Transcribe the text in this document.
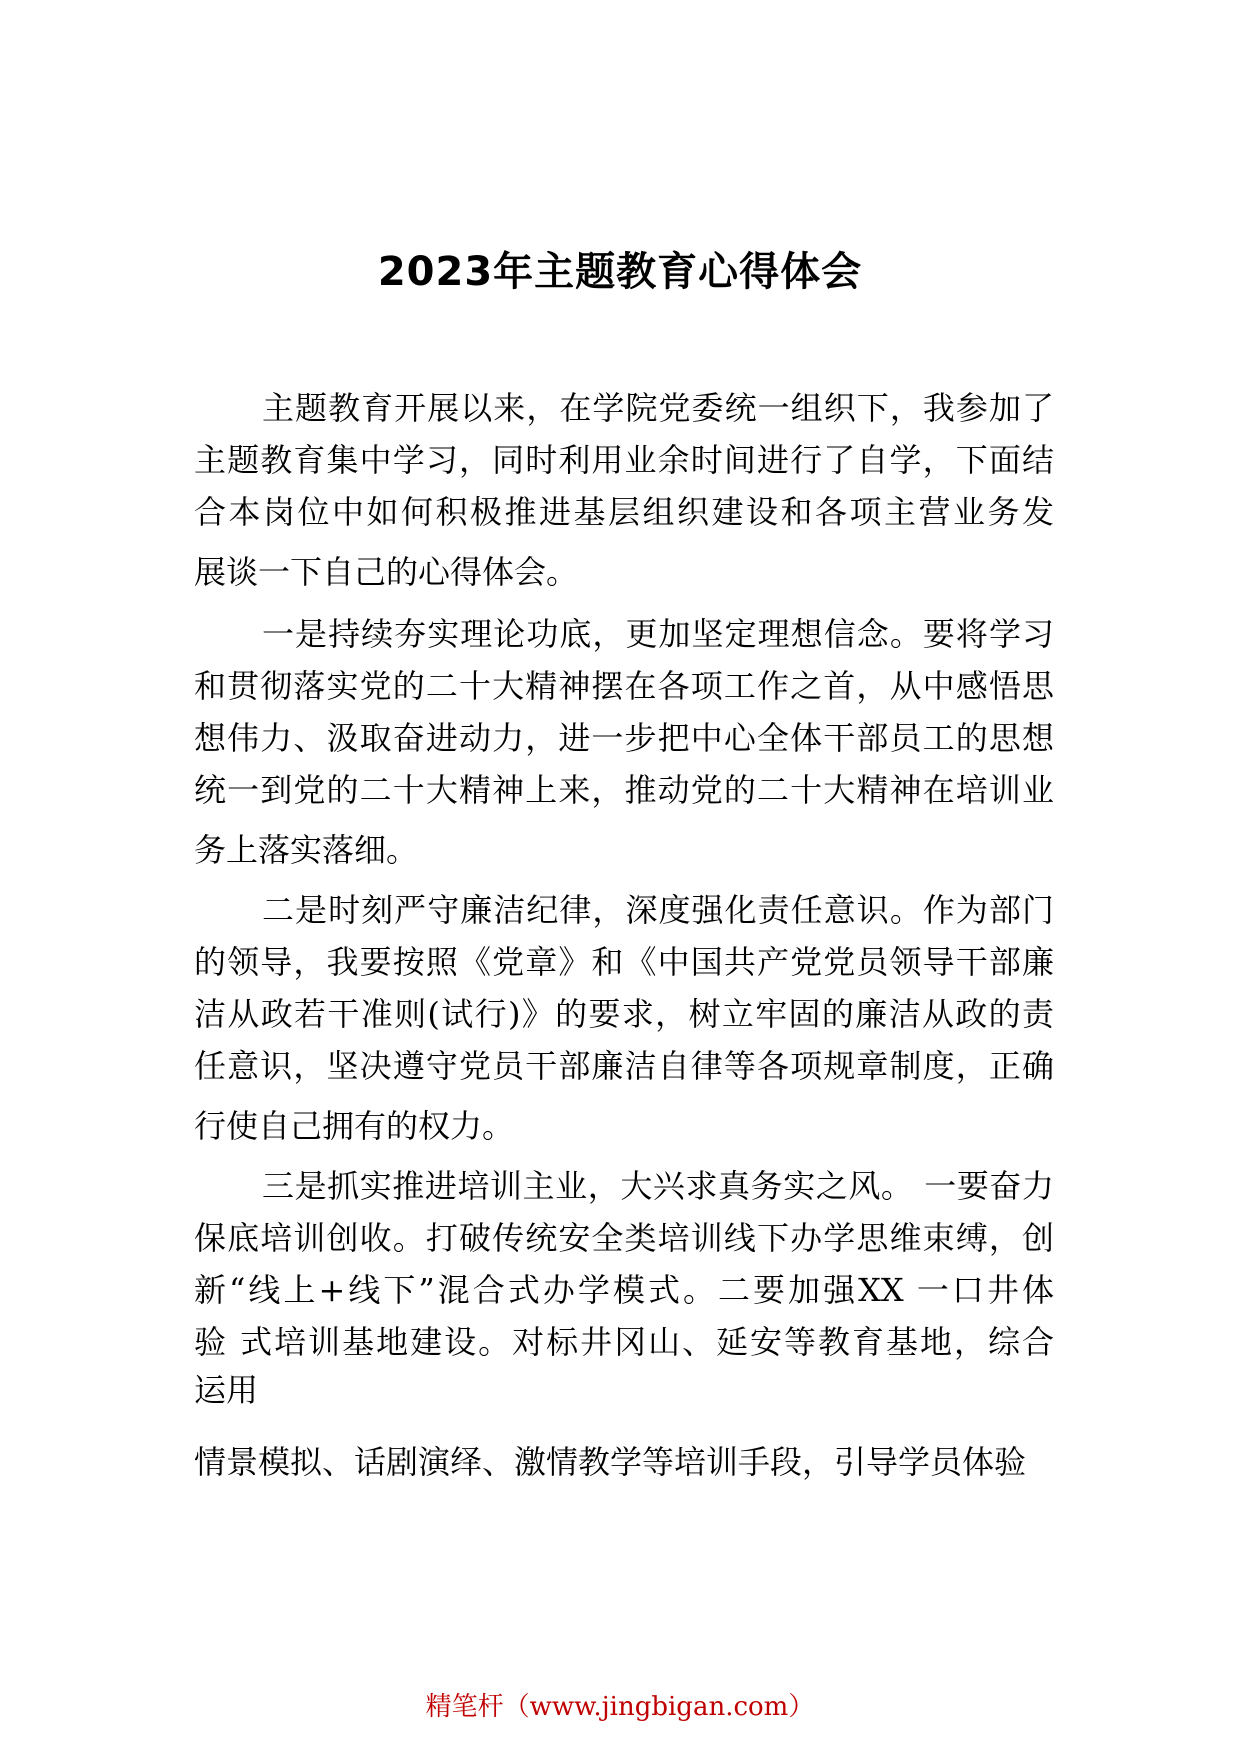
2023年主题教育心得体会
主题教育开展以来，在学院党委统一组织下，我参加了
主题教育集中学习，同时利用业余时间进行了自学，下面结
合本岗位中如何积极推进基层组织建设和各项主营业务发
展谈一下自己的心得体会。
一是持续夯实理论功底，更加坚定理想信念。要将学习
和贯彻落实党的二十大精神摆在各项工作之首，从中感悟思
想伟力、汲取奋进动力，进一步把中心全体干部员工的思想
统一到党的二十大精神上来，推动党的二十大精神在培训业
务上落实落细。
二是时刻严守廉洁纪律，深度强化责任意识。作为部门
的领导，我要按照《党章》和《中国共产党党员领导干部廉
洁从政若干准则(试行)》的要求，树立牢固的廉洁从政的责
任意识，坚决遵守党员干部廉洁自律等各项规章制度，正确
行使自己拥有的权力。
三是抓实推进培训主业，大兴求真务实之风。 一要奋力
保底培训创收。打破传统安全类培训线下办学思维束缚，创
新“线上+线下”混合式办学模式。二要加强XX 一口井体
验 式培训基地建设。对标井冈山、延安等教育基地，综合
运用
情景模拟、话剧演绎、激情教学等培训手段，引导学员体验
精笔杆（www.jingbigan.com）
